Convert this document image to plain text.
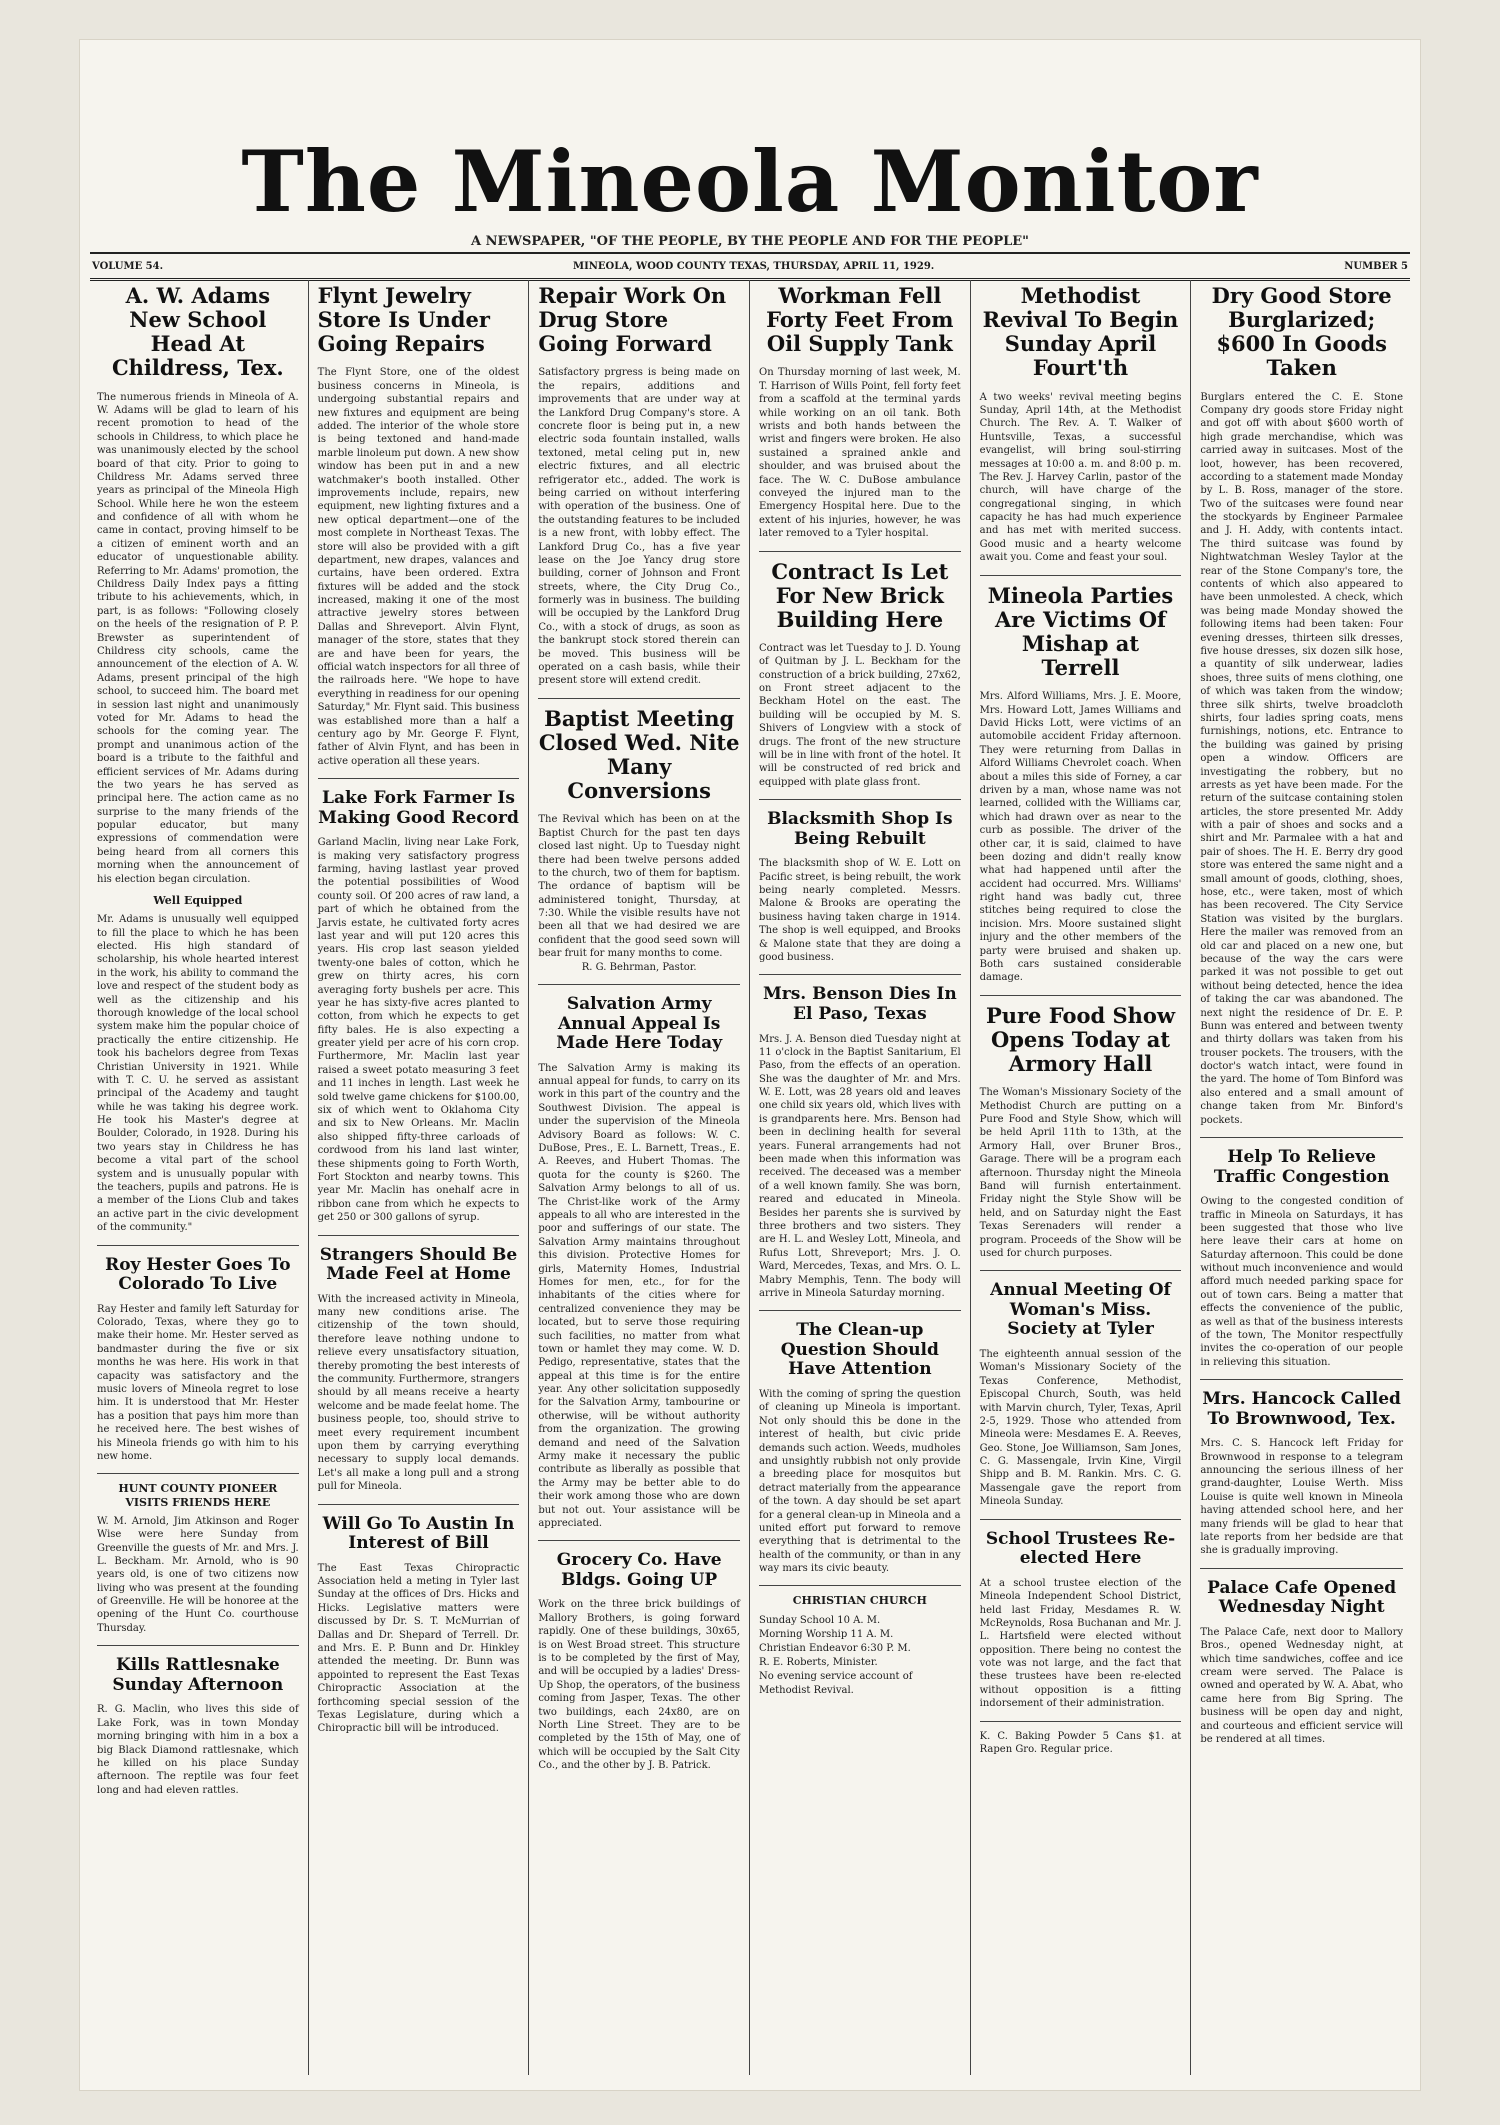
The Mineola Monitor
A NEWSPAPER, "OF THE PEOPLE, BY THE PEOPLE AND FOR THE PEOPLE"
VOLUME 54.	MINEOLA, WOOD COUNTY TEXAS, THURSDAY, APRIL 11, 1929.	NUMBER 5
A. W. Adams New School Head At Childress, Tex.

The numerous friends in Mineola of A. W. Adams will be glad to learn of his recent promotion to head of the schools in Childress, to which place he was unanimously elected by the school board of that city. Prior to going to Childress Mr. Adams served three years as principal of the Mineola High School. While here he won the esteem and confidence of all with whom he came in contact, proving himself to be a citizen of eminent worth and an educator of unquestionable ability. Referring to Mr. Adams' promotion, the Childress Daily Index pays a fitting tribute to his achievements, which, in part, is as follows: "Following closely on the heels of the resignation of P. P. Brewster as superintendent of Childress city schools, came the announcement of the election of A. W. Adams, present principal of the high school, to succeed him. The board met in session last night and unanimously voted for Mr. Adams to head the schools for the coming year. The prompt and unanimous action of the board is a tribute to the faithful and efficient services of Mr. Adams during the two years he has served as principal here. The action came as no surprise to the many friends of the popular educator, but many expressions of commendation were being heard from all corners this morning when the announcement of his election began circulation.

Well Equipped

Mr. Adams is unusually well equipped to fill the place to which he has been elected. His high standard of scholarship, his whole hearted interest in the work, his ability to command the love and respect of the student body as well as the citizenship and his thorough knowledge of the local school system make him the popular choice of practically the entire citizenship. He took his bachelors degree from Texas Christian University in 1921. While with T. C. U. he served as assistant principal of the Academy and taught while he was taking his degree work. He took his Master's degree at Boulder, Colorado, in 1928. During his two years stay in Childress he has become a vital part of the school system and is unusually popular with the teachers, pupils and patrons. He is a member of the Lions Club and takes an active part in the civic development of the community."

Roy Hester Goes To Colorado To Live

Ray Hester and family left Saturday for Colorado, Texas, where they go to make their home. Mr. Hester served as bandmaster during the five or six months he was here. His work in that capacity was satisfactory and the music lovers of Mineola regret to lose him. It is understood that Mr. Hester has a position that pays him more than he received here. The best wishes of his Mineola friends go with him to his new home.

HUNT COUNTY PIONEER VISITS FRIENDS HERE

W. M. Arnold, Jim Atkinson and Roger Wise were here Sunday from Greenville the guests of Mr. and Mrs. J. L. Beckham. Mr. Arnold, who is 90 years old, is one of two citizens now living who was present at the founding of Greenville. He will be honoree at the opening of the Hunt Co. courthouse Thursday.

Kills Rattlesnake Sunday Afternoon

R. G. Maclin, who lives this side of Lake Fork, was in town Monday morning bringing with him in a box a big Black Diamond rattlesnake, which he killed on his place Sunday afternoon. The reptile was four feet long and had eleven rattles.

Flynt Jewelry Store Is Under Going Repairs

The Flynt Store, one of the oldest business concerns in Mineola, is undergoing substantial repairs and new fixtures and equipment are being added. The interior of the whole store is being textoned and hand-made marble linoleum put down. A new show window has been put in and a new watchmaker's booth installed. Other improvements include, repairs, new equipment, new lighting fixtures and a new optical department—one of the most complete in Northeast Texas. The store will also be provided with a gift department, new drapes, valances and curtains, have been ordered. Extra fixtures will be added and the stock increased, making it one of the most attractive jewelry stores between Dallas and Shreveport. Alvin Flynt, manager of the store, states that they are and have been for years, the official watch inspectors for all three of the railroads here. "We hope to have everything in readiness for our opening Saturday," Mr. Flynt said. This business was established more than a half a century ago by Mr. George F. Flynt, father of Alvin Flynt, and has been in active operation all these years.

Lake Fork Farmer Is Making Good Record

Garland Maclin, living near Lake Fork, is making very satisfactory progress farming, having lastlast year proved the potential possibilities of Wood county soil. Of 200 acres of raw land, a part of which he obtained from the Jarvis estate, he cultivated forty acres last year and will put 120 acres this years. His crop last season yielded twenty-one bales of cotton, which he grew on thirty acres, his corn averaging forty bushels per acre. This year he has sixty-five acres planted to cotton, from which he expects to get fifty bales. He is also expecting a greater yield per acre of his corn crop. Furthermore, Mr. Maclin last year raised a sweet potato measuring 3 feet and 11 inches in length. Last week he sold twelve game chickens for $100.00, six of which went to Oklahoma City and six to New Orleans. Mr. Maclin also shipped fifty-three carloads of cordwood from his land last winter, these shipments going to Forth Worth, Fort Stockton and nearby towns. This year Mr. Maclin has onehalf acre in ribbon cane from which he expects to get 250 or 300 gallons of syrup.

Strangers Should Be Made Feel at Home

With the increased activity in Mineola, many new conditions arise. The citizenship of the town should, therefore leave nothing undone to relieve every unsatisfactory situation, thereby promoting the best interests of the community. Furthermore, strangers should by all means receive a hearty welcome and be made feelat home. The business people, too, should strive to meet every requirement incumbent upon them by carrying everything necessary to supply local demands. Let's all make a long pull and a strong pull for Mineola.

Will Go To Austin In Interest of Bill

The East Texas Chiropractic Association held a meting in Tyler last Sunday at the offices of Drs. Hicks and Hicks. Legislative matters were discussed by Dr. S. T. McMurrian of Dallas and Dr. Shepard of Terrell. Dr. and Mrs. E. P. Bunn and Dr. Hinkley attended the meeting. Dr. Bunn was appointed to represent the East Texas Chiropractic Association at the forthcoming special session of the Texas Legislature, during which a Chiropractic bill will be introduced.

Repair Work On Drug Store Going Forward

Satisfactory prgress is being made on the repairs, additions and improvements that are under way at the Lankford Drug Company's store. A concrete floor is being put in, a new electric soda fountain installed, walls textoned, metal celing put in, new electric fixtures, and all electric refrigerator etc., added. The work is being carried on without interfering with operation of the business. One of the outstanding features to be included is a new front, with lobby effect. The Lankford Drug Co., has a five year lease on the Joe Yancy drug store building, corner of Johnson and Front streets, where, the City Drug Co., formerly was in business. The building will be occupied by the Lankford Drug Co., with a stock of drugs, as soon as the bankrupt stock stored therein can be moved. This business will be operated on a cash basis, while their present store will extend credit.

Baptist Meeting Closed Wed. Nite Many Conversions

The Revival which has been on at the Baptist Church for the past ten days closed last night. Up to Tuesday night there had been twelve persons added to the church, two of them for baptism. The ordance of baptism will be administered tonight, Thursday, at 7:30. While the visible results have not been all that we had desired we are confident that the good seed sown will bear fruit for many months to come.

R. G. Behrman, Pastor.

Salvation Army Annual Appeal Is Made Here Today

The Salvation Army is making its annual appeal for funds, to carry on its work in this part of the country and the Southwest Division. The appeal is under the supervision of the Mineola Advisory Board as follows: W. C. DuBose, Pres., E. L. Barnett, Treas., E. A. Reeves, and Hubert Thomas. The quota for the county is $260. The Salvation Army belongs to all of us. The Christ-like work of the Army appeals to all who are interested in the poor and sufferings of our state. The Salvation Army maintains throughout this division. Protective Homes for girls, Maternity Homes, Industrial Homes for men, etc., for for the inhabitants of the cities where for centralized convenience they may be located, but to serve those requiring such facilities, no matter from what town or hamlet they may come. W. D. Pedigo, representative, states that the appeal at this time is for the entire year. Any other solicitation supposedly for the Salvation Army, tambourine or otherwise, will be without authority from the organization. The growing demand and need of the Salvation Army make it necessary the public contribute as liberally as possible that the Army may be better able to do their work among those who are down but not out. Your assistance will be appreciated.

Grocery Co. Have Bldgs. Going UP

Work on the three brick buildings of Mallory Brothers, is going forward rapidly. One of these buildings, 30x65, is on West Broad street. This structure is to be completed by the first of May, and will be occupied by a ladies' Dress-Up Shop, the operators, of the business coming from Jasper, Texas. The other two buildings, each 24x80, are on North Line Street. They are to be completed by the 15th of May, one of which will be occupied by the Salt City Co., and the other by J. B. Patrick.

Workman Fell Forty Feet From Oil Supply Tank

On Thursday morning of last week, M. T. Harrison of Wills Point, fell forty feet from a scaffold at the terminal yards while working on an oil tank. Both wrists and both hands between the wrist and fingers were broken. He also sustained a sprained ankle and shoulder, and was bruised about the face. The W. C. DuBose ambulance conveyed the injured man to the Emergency Hospital here. Due to the extent of his injuries, however, he was later removed to a Tyler hospital.

Contract Is Let For New Brick Building Here

Contract was let Tuesday to J. D. Young of Quitman by J. L. Beckham for the construction of a brick building, 27x62, on Front street adjacent to the Beckham Hotel on the east. The building will be occupied by M. S. Shivers of Longview with a stock of drugs. The front of the new structure will be in line with front of the hotel. It will be constructed of red brick and equipped with plate glass front.

Blacksmith Shop Is Being Rebuilt

The blacksmith shop of W. E. Lott on Pacific street, is being rebuilt, the work being nearly completed. Messrs. Malone & Brooks are operating the business having taken charge in 1914. The shop is well equipped, and Brooks & Malone state that they are doing a good business.

Mrs. Benson Dies In El Paso, Texas

Mrs. J. A. Benson died Tuesday night at 11 o'clock in the Baptist Sanitarium, El Paso, from the effects of an operation. She was the daughter of Mr. and Mrs. W. E. Lott, was 28 years old and leaves one child six years old, which lives with is grandparents here. Mrs. Benson had been in declining health for several years. Funeral arrangements had not been made when this information was received. The deceased was a member of a well known family. She was born, reared and educated in Mineola. Besides her parents she is survived by three brothers and two sisters. They are H. L. and Wesley Lott, Mineola, and Rufus Lott, Shreveport; Mrs. J. O. Ward, Mercedes, Texas, and Mrs. O. L. Mabry Memphis, Tenn. The body will arrive in Mineola Saturday morning.

The Clean-up Question Should Have Attention

With the coming of spring the question of cleaning up Mineola is important. Not only should this be done in the interest of health, but civic pride demands such action. Weeds, mudholes and unsightly rubbish not only provide a breeding place for mosquitos but detract materially from the appearance of the town. A day should be set apart for a general clean-up in Mineola and a united effort put forward to remove everything that is detrimental to the health of the community, or than in any way mars its civic beauty.

CHRISTIAN CHURCH
Sunday School 10 A. M.
Morning Worship 11 A. M.
Christian Endeavor 6:30 P. M.
R. E. Roberts, Minister.
No evening service account of Methodist Revival.
Methodist Revival To Begin Sunday April Fourt'th

A two weeks' revival meeting begins Sunday, April 14th, at the Methodist Church. The Rev. A. T. Walker of Huntsville, Texas, a successful evangelist, will bring soul-stirring messages at 10:00 a. m. and 8:00 p. m. The Rev. J. Harvey Carlin, pastor of the church, will have charge of the congregational singing, in which capacity he has had much experience and has met with merited success. Good music and a hearty welcome await you. Come and feast your soul.

Mineola Parties Are Victims Of Mishap at Terrell

Mrs. Alford Williams, Mrs. J. E. Moore, Mrs. Howard Lott, James Williams and David Hicks Lott, were victims of an automobile accident Friday afternoon. They were returning from Dallas in Alford Williams Chevrolet coach. When about a miles this side of Forney, a car driven by a man, whose name was not learned, collided with the Williams car, which had drawn over as near to the curb as possible. The driver of the other car, it is said, claimed to have been dozing and didn't really know what had happened until after the accident had occurred. Mrs. Williams' right hand was badly cut, three stitches being required to close the incision. Mrs. Moore sustained slight injury and the other members of the party were bruised and shaken up. Both cars sustained considerable damage.

Pure Food Show Opens Today at Armory Hall

The Woman's Missionary Society of the Methodist Church are putting on a Pure Food and Style Show, which will be held April 11th to 13th, at the Armory Hall, over Bruner Bros., Garage. There will be a program each afternoon. Thursday night the Mineola Band will furnish entertainment. Friday night the Style Show will be held, and on Saturday night the East Texas Serenaders will render a program. Proceeds of the Show will be used for church purposes.

Annual Meeting Of Woman's Miss. Society at Tyler

The eighteenth annual session of the Woman's Missionary Society of the Texas Conference, Methodist, Episcopal Church, South, was held with Marvin church, Tyler, Texas, April 2-5, 1929. Those who attended from Mineola were: Mesdames E. A. Reeves, Geo. Stone, Joe Williamson, Sam Jones, C. G. Massengale, Irvin Kine, Virgil Shipp and B. M. Rankin. Mrs. C. G. Massengale gave the report from Mineola Sunday.

School Trustees Re-elected Here

At a school trustee election of the Mineola Independent School District, held last Friday, Mesdames R. W. McReynolds, Rosa Buchanan and Mr. J. L. Hartsfield were elected without opposition. There being no contest the vote was not large, and the fact that these trustees have been re-elected without opposition is a fitting indorsement of their administration.

K. C. Baking Powder 5 Cans $1. at Rapen Gro. Regular price.

Dry Good Store Burglarized; $600 In Goods Taken

Burglars entered the C. E. Stone Company dry goods store Friday night and got off with about $600 worth of high grade merchandise, which was carried away in suitcases. Most of the loot, however, has been recovered, according to a statement made Monday by L. B. Ross, manager of the store. Two of the suitcases were found near the stockyards by Engineer Parmalee and J. H. Addy, with contents intact. The third suitcase was found by Nightwatchman Wesley Taylor at the rear of the Stone Company's tore, the contents of which also appeared to have been unmolested. A check, which was being made Monday showed the following items had been taken: Four evening dresses, thirteen silk dresses, five house dresses, six dozen silk hose, a quantity of silk underwear, ladies shoes, three suits of mens clothing, one of which was taken from the window; three silk shirts, twelve broadcloth shirts, four ladies spring coats, mens furnishings, notions, etc. Entrance to the building was gained by prising open a window. Officers are investigating the robbery, but no arrests as yet have been made. For the return of the suitcase containing stolen articles, the store presented Mr. Addy with a pair of shoes and socks and a shirt and Mr. Parmalee with a hat and pair of shoes. The H. E. Berry dry good store was entered the same night and a small amount of goods, clothing, shoes, hose, etc., were taken, most of which has been recovered. The City Service Station was visited by the burglars. Here the mailer was removed from an old car and placed on a new one, but because of the way the cars were parked it was not possible to get out without being detected, hence the idea of taking the car was abandoned. The next night the residence of Dr. E. P. Bunn was entered and between twenty and thirty dollars was taken from his trouser pockets. The trousers, with the doctor's watch intact, were found in the yard. The home of Tom Binford was also entered and a small amount of change taken from Mr. Binford's pockets.

Help To Relieve Traffic Congestion

Owing to the congested condition of traffic in Mineola on Saturdays, it has been suggested that those who live here leave their cars at home on Saturday afternoon. This could be done without much inconvenience and would afford much needed parking space for out of town cars. Being a matter that effects the convenience of the public, as well as that of the business interests of the town, The Monitor respectfully invites the co-operation of our people in relieving this situation.

Mrs. Hancock Called To Brownwood, Tex.

Mrs. C. S. Hancock left Friday for Brownwood in response to a telegram announcing the serious illness of her grand-daughter, Louise Werth. Miss Louise is quite well known in Mineola having attended school here, and her many friends will be glad to hear that late reports from her bedside are that she is gradually improving.

Palace Cafe Opened Wednesday Night

The Palace Cafe, next door to Mallory Bros., opened Wednesday night, at which time sandwiches, coffee and ice cream were served. The Palace is owned and operated by W. A. Abat, who came here from Big Spring. The business will be open day and night, and courteous and efficient service will be rendered at all times.
